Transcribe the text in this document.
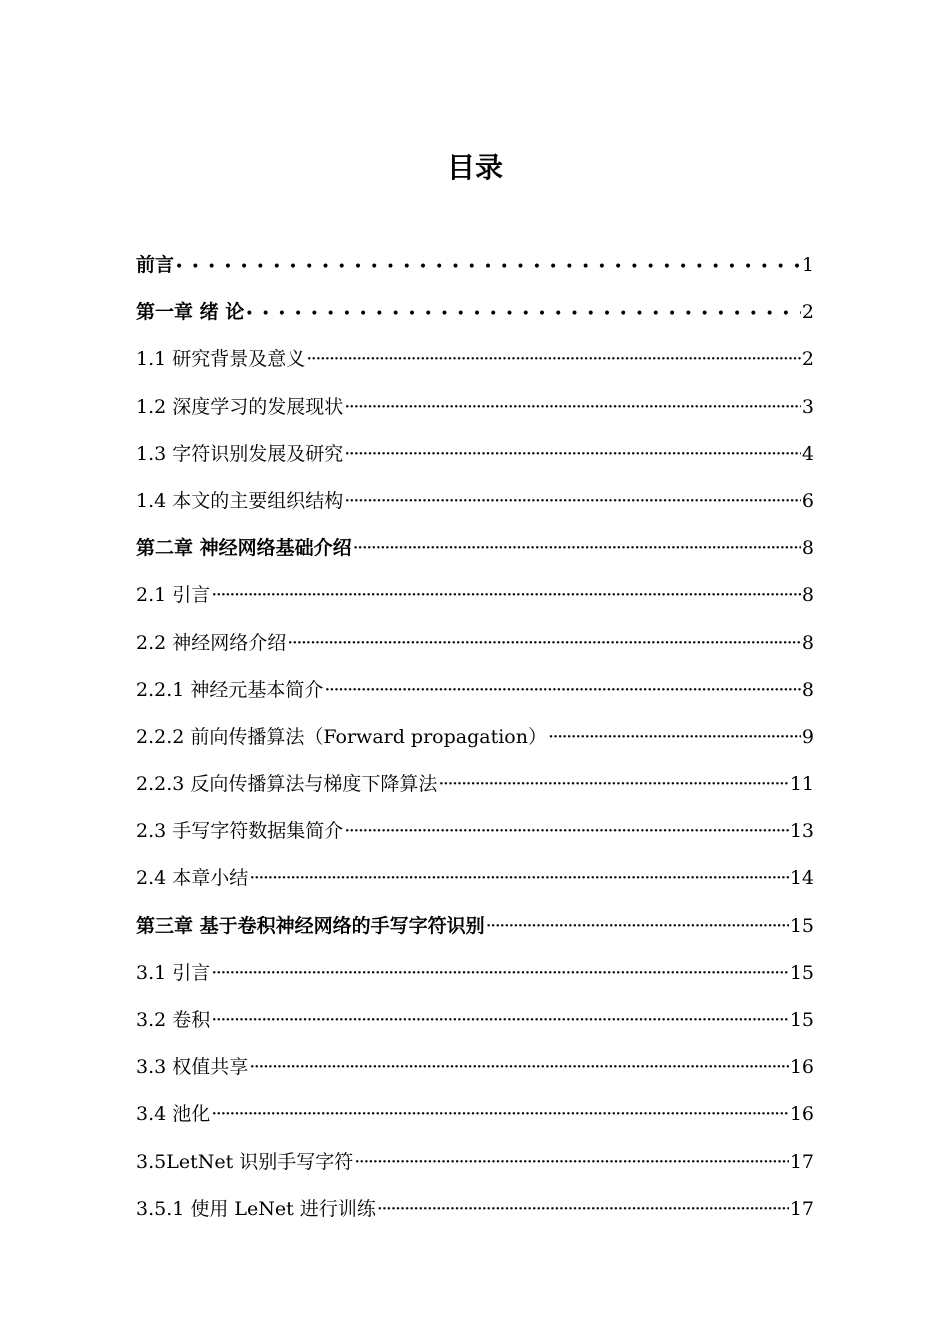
目录
前言 •••••	1
第一章 绪 论 •••••	2
1.1 研究背景及意义 ·····	2
1.2 深度学习的发展现状 ·····	3
1.3 字符识别发展及研究 ·····	4
1.4 本文的主要组织结构 ·····	6
第二章 神经网络基础介绍 ·····	8
2.1 引言 ·····	8
2.2 神经网络介绍 ·····	8
2.2.1 神经元基本简介 ·····	8
2.2.2 前向传播算法（Forward propagation） ·····	9
2.2.3 反向传播算法与梯度下降算法 ·····	11
2.3 手写字符数据集简介 ·····	13
2.4 本章小结 ·····	14
第三章 基于卷积神经网络的手写字符识别 ·····	15
3.1 引言 ·····	15
3.2 卷积 ·····	15
3.3 权值共享 ·····	16
3.4 池化 ·····	16
3.5LetNet 识别手写字符 ·····	17
3.5.1 使用 LeNet 进行训练 ·····	17
